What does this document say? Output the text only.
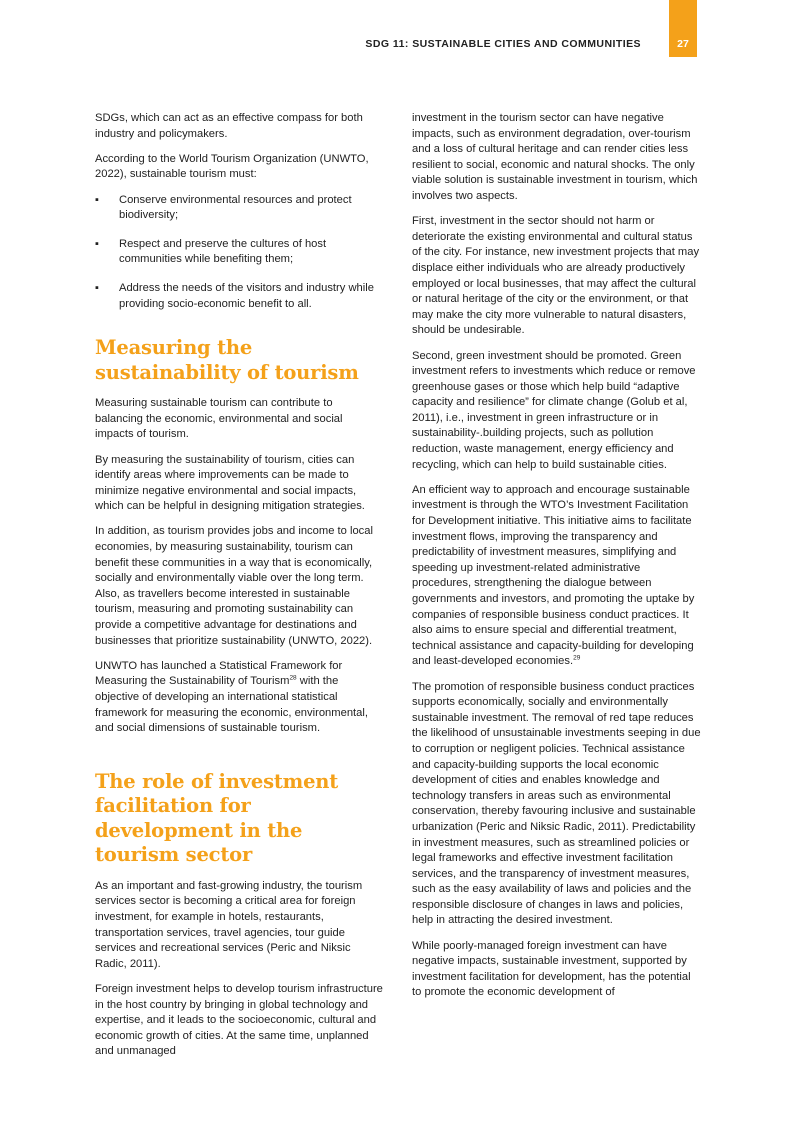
SDG 11: SUSTAINABLE CITIES AND COMMUNITIES	27

SDGs, which can act as an effective compass for both industry and policymakers.

According to the World Tourism Organization (UNWTO, 2022), sustainable tourism must:

▪ Conserve environmental resources and protect biodiversity;
▪ Respect and preserve the cultures of host communities while benefiting them;
▪ Address the needs of the visitors and industry while providing socio-economic benefit to all.
Measuring the sustainability of tourism

Measuring sustainable tourism can contribute to balancing the economic, environmental and social impacts of tourism.

By measuring the sustainability of tourism, cities can identify areas where improvements can be made to minimize negative environmental and social impacts, which can be helpful in designing mitigation strategies.

In addition, as tourism provides jobs and income to local economies, by measuring sustainability, tourism can benefit these communities in a way that is economically, socially and environmentally viable over the long term. Also, as travellers become interested in sustainable tourism, measuring and promoting sustainability can provide a competitive advantage for destinations and businesses that prioritize sustainability (UNWTO, 2022).

UNWTO has launched a Statistical Framework for Measuring the Sustainability of Tourism$^{28}$ with the objective of developing an international statistical framework for measuring the economic, environmental, and social dimensions of sustainable tourism.

The role of investment facilitation for development in the tourism sector

As an important and fast-growing industry, the tourism services sector is becoming a critical area for foreign investment, for example in hotels, restaurants, transportation services, travel agencies, tour guide services and recreational services (Peric and Niksic Radic, 2011).

Foreign investment helps to develop tourism infrastructure in the host country by bringing in global technology and expertise, and it leads to the socioeconomic, cultural and economic growth of cities. At the same time, unplanned and unmanaged

investment in the tourism sector can have negative impacts, such as environment degradation, over-tourism and a loss of cultural heritage and can render cities less resilient to social, economic and natural shocks. The only viable solution is sustainable investment in tourism, which involves two aspects.

First, investment in the sector should not harm or deteriorate the existing environmental and cultural status of the city. For instance, new investment projects that may displace either individuals who are already productively employed or local businesses, that may affect the cultural or natural heritage of the city or the environment, or that may make the city more vulnerable to natural disasters, should be undesirable.

Second, green investment should be promoted. Green investment refers to investments which reduce or remove greenhouse gases or those which help build “adaptive capacity and resilience” for climate change (Golub et al, 2011), i.e., investment in green infrastructure or in sustainability-.building projects, such as pollution reduction, waste management, energy efficiency and recycling, which can help to build sustainable cities.

An efficient way to approach and encourage sustainable investment is through the WTO’s Investment Facilitation for Development initiative. This initiative aims to facilitate investment flows, improving the transparency and predictability of investment measures, simplifying and speeding up investment-related administrative procedures, strengthening the dialogue between governments and investors, and promoting the uptake by companies of responsible business conduct practices. It also aims to ensure special and differential treatment, technical assistance and capacity-building for developing and least-developed economies.$^{29}$

The promotion of responsible business conduct practices supports economically, socially and environmentally sustainable investment. The removal of red tape reduces the likelihood of unsustainable investments seeping in due to corruption or negligent policies. Technical assistance and capacity-building supports the local economic development of cities and enables knowledge and technology transfers in areas such as environmental conservation, thereby favouring inclusive and sustainable urbanization (Peric and Niksic Radic, 2011). Predictability in investment measures, such as streamlined policies or legal frameworks and effective investment facilitation services, and the transparency of investment measures, such as the easy availability of laws and policies and the responsible disclosure of changes in laws and policies, help in attracting the desired investment.

While poorly-managed foreign investment can have negative impacts, sustainable investment, supported by investment facilitation for development, has the potential to promote the economic development of
